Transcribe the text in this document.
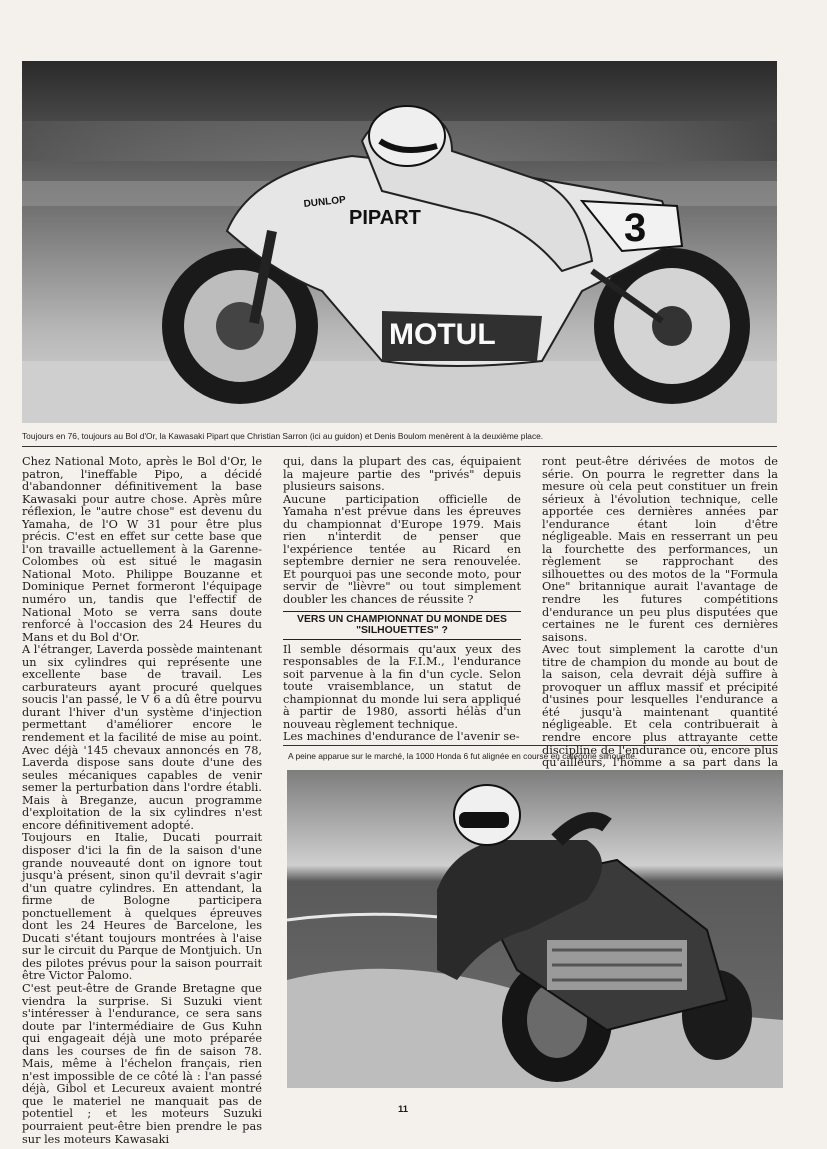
PIPART
MOTUL
DUNLOP
3
Toujours en 76, toujours au Bol d'Or, la Kawasaki Pipart que Christian Sarron (ici au guidon) et Denis Boulom menèrent à la deuxième place.

Chez National Moto, après le Bol d'Or, le patron, l'ineffable Pipo, a décidé d'abandonner définitivement la base Kawasaki pour autre chose. Après mûre réflexion, le "autre chose" est devenu du Yamaha, de l'O W 31 pour être plus précis. C'est en effet sur cette base que l'on travaille actuellement à la Garenne-Colombes où est situé le magasin National Moto. Philippe Bouzanne et Dominique Pernet formeront l'équipage numéro un, tandis que l'effectif de National Moto se verra sans doute renforcé à l'occasion des 24 Heures du Mans et du Bol d'Or.

A l'étranger, Laverda possède maintenant un six cylindres qui représente une excellente base de travail. Les carburateurs ayant procuré quelques soucis l'an passé, le V 6 a dû être pourvu durant l'hiver d'un système d'injection permettant d'améliorer encore le rendement et la facilité de mise au point. Avec déjà '145 chevaux annoncés en 78, Laverda dispose sans doute d'une des seules mécaniques capables de venir semer la perturbation dans l'ordre établi. Mais à Breganze, aucun programme d'exploitation de la six cylindres n'est encore définitivement adopté.

Toujours en Italie, Ducati pourrait disposer d'ici la fin de la saison d'une grande nouveauté dont on ignore tout jusqu'à présent, sinon qu'il devrait s'agir d'un quatre cylindres. En attendant, la firme de Bologne participera ponctuellement à quelques épreuves dont les 24 Heures de Barcelone, les Ducati s'étant toujours montrées à l'aise sur le circuit du Parque de Montjuich. Un des pilotes prévus pour la saison pourrait être Victor Palomo.

C'est peut-être de Grande Bretagne que viendra la surprise. Si Suzuki vient s'intéresser à l'endurance, ce sera sans doute par l'intermédiaire de Gus Kuhn qui engageait déjà une moto préparée dans les courses de fin de saison 78. Mais, même à l'échelon français, rien n'est impossible de ce côté là : l'an passé déjà, Gibol et Lecureux avaient montré que le materiel ne manquait pas de potentiel ; et les moteurs Suzuki pourraient peut-être bien prendre le pas sur les moteurs Kawasaki

qui, dans la plupart des cas, équipaient la majeure partie des "privés" depuis plusieurs saisons.

Aucune participation officielle de Yamaha n'est prévue dans les épreuves du championnat d'Europe 1979. Mais rien n'interdit de penser que l'expérience tentée au Ricard en septembre dernier ne sera renouvelée. Et pourquoi pas une seconde moto, pour servir de "lièvre" ou tout simplement doubler les chances de réussite ?

VERS UN CHAMPIONNAT DU MONDE DES "SILHOUETTES" ?

Il semble désormais qu'aux yeux des responsables de la F.I.M., l'endurance soit parvenue à la fin d'un cycle. Selon toute vraisemblance, un statut de championnat du monde lui sera appliqué à partir de 1980, assorti hélàs d'un nouveau règlement technique.

Les machines d'endurance de l'avenir se-

ront peut-être dérivées de motos de série. On pourra le regretter dans la mesure où cela peut constituer un frein sérieux à l'évolution technique, celle apportée ces dernières années par l'endurance étant loin d'être négligeable. Mais en resserrant un peu la fourchette des performances, un règlement se rapprochant des silhouettes ou des motos de la "Formula One" britannique aurait l'avantage de rendre les futures compétitions d'endurance un peu plus disputées que certaines ne le furent ces dernières saisons.

Avec tout simplement la carotte d'un titre de champion du monde au bout de la saison, cela devrait déjà suffire à provoquer un afflux massif et précipité d'usines pour lesquelles l'endurance a été jusqu'à maintenant quantité négligeable. Et cela contribuerait à rendre encore plus attrayante cette discipline de l'endurance où, encore plus qu'ailleurs, l'homme a sa part dans la

A peine apparue sur le marché, la 1000 Honda 6 fut alignée en course en catégorie silhouette.
11
